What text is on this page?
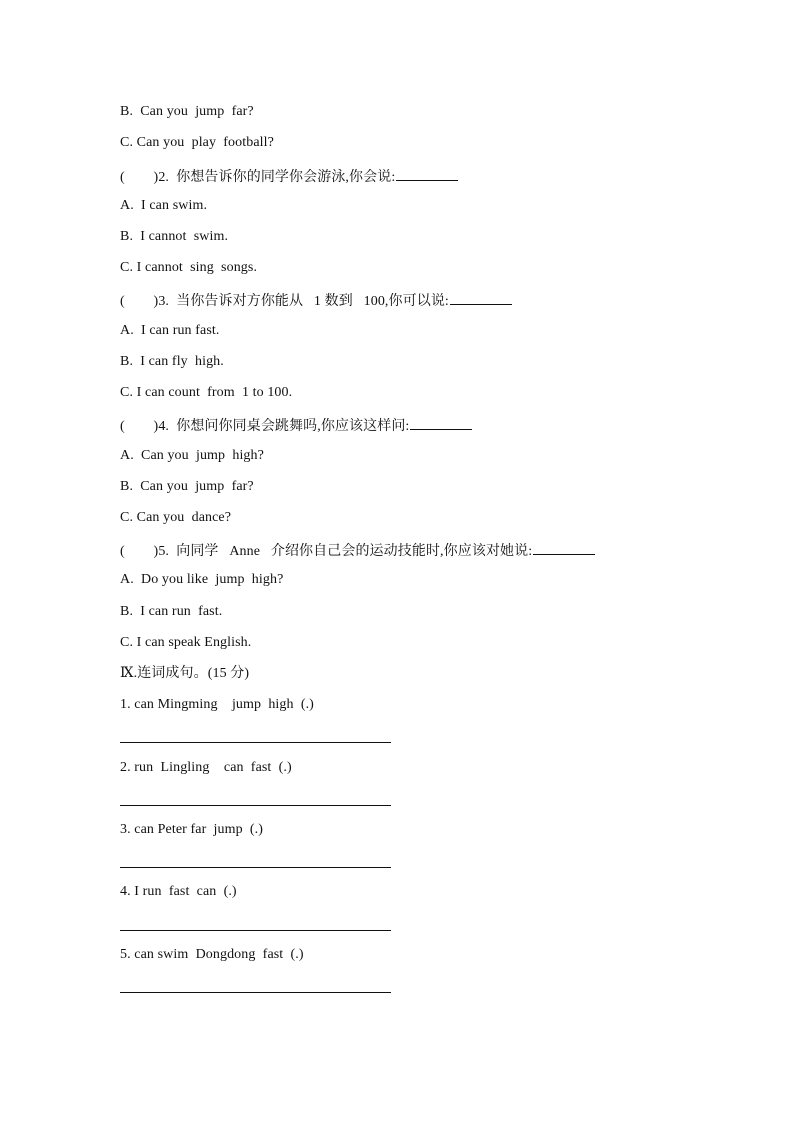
B.  Can you  jump  far?
C. Can you  play  football?
(        )2.  你想告诉你的同学你会游泳,你会说:
A.  I can swim.
B.  I cannot  swim.
C. I cannot  sing  songs.
(        )3.  当你告诉对方你能从   1 数到   100,你可以说:
A.  I can run fast.
B.  I can fly  high.
C. I can count  from  1 to 100.
(        )4.  你想问你同桌会跳舞吗,你应该这样问:
A.  Can you  jump  high?
B.  Can you  jump  far?
C. Can you  dance?
(        )5.  向同学   Anne   介绍你自己会的运动技能时,你应该对她说:
A.  Do you like  jump  high?
B.  I can run  fast.
C. I can speak English.
Ⅸ.连词成句。(15 分)
1. can Mingming    jump  high  (.)
2. run  Lingling    can  fast  (.)
3. can Peter far  jump  (.)
4. I run  fast  can  (.)
5. can swim  Dongdong  fast  (.)
